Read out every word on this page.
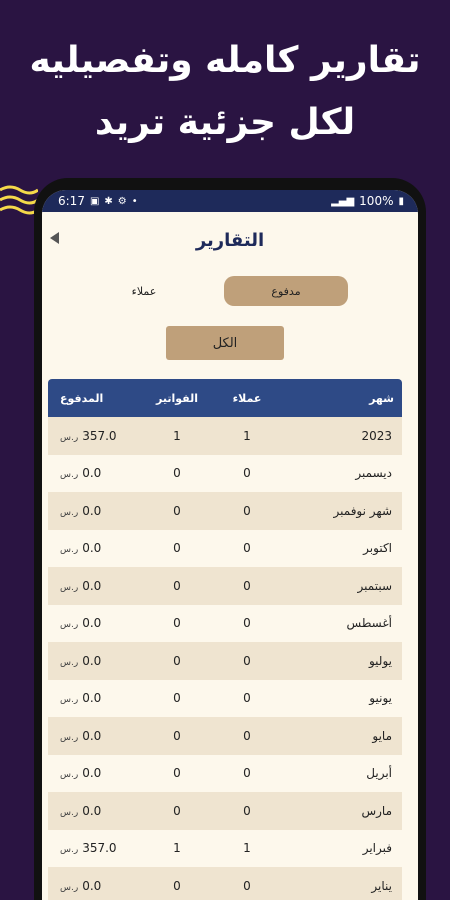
تقارير كامله وتفصيليه
لكل جزئية تريد
6:17 ▣ ✱ ⚙ •	▂▄▆ 100% ▮
التقارير
عملاء	مدفوع
الكل
شهر
عملاء
الفواتير
المدفوع
2023
1
1
357.0ر.س
ديسمبر
0
0
0.0ر.س
شهر نوفمبر
0
0
0.0ر.س
اكتوبر
0
0
0.0ر.س
سبتمبر
0
0
0.0ر.س
أغسطس
0
0
0.0ر.س
يوليو
0
0
0.0ر.س
يونيو
0
0
0.0ر.س
مايو
0
0
0.0ر.س
أبريل
0
0
0.0ر.س
مارس
0
0
0.0ر.س
فبراير
1
1
357.0ر.س
يناير
0
0
0.0ر.س
